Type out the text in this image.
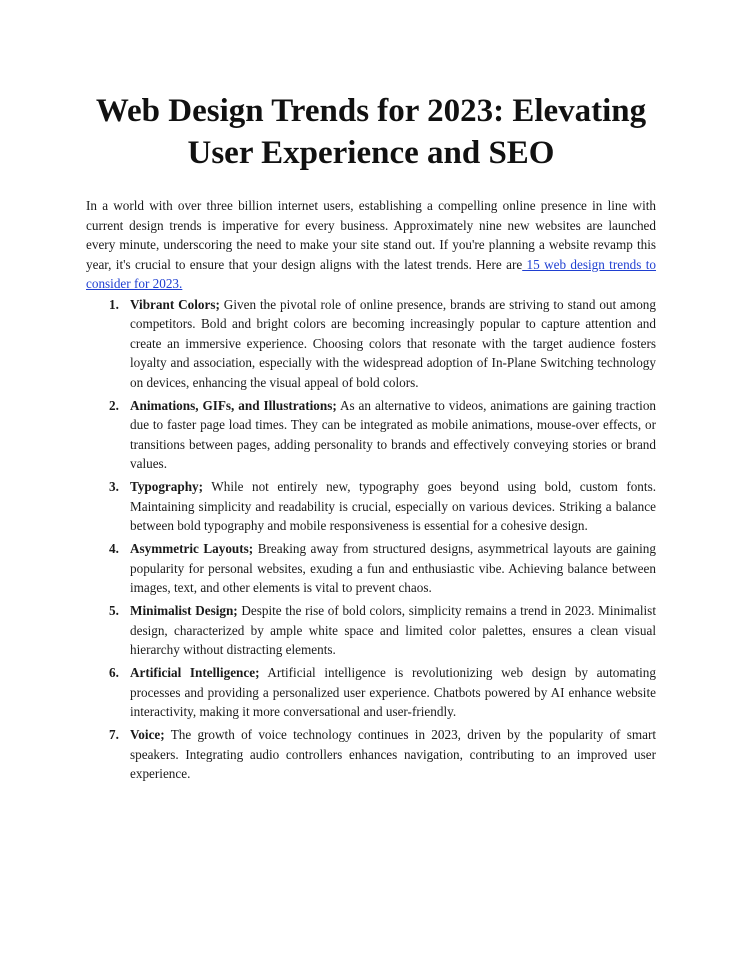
Web Design Trends for 2023: Elevating User Experience and SEO

In a world with over three billion internet users, establishing a compelling online presence in line with current design trends is imperative for every business. Approximately nine new websites are launched every minute, underscoring the need to make your site stand out. If you're planning a website revamp this year, it's crucial to ensure that your design aligns with the latest trends. Here are 15 web design trends to consider for 2023.

1. Vibrant Colors; Given the pivotal role of online presence, brands are striving to stand out among competitors. Bold and bright colors are becoming increasingly popular to capture attention and create an immersive experience. Choosing colors that resonate with the target audience fosters loyalty and association, especially with the widespread adoption of In-Plane Switching technology on devices, enhancing the visual appeal of bold colors.
2. Animations, GIFs, and Illustrations; As an alternative to videos, animations are gaining traction due to faster page load times. They can be integrated as mobile animations, mouse-over effects, or transitions between pages, adding personality to brands and effectively conveying stories or brand values.
3. Typography; While not entirely new, typography goes beyond using bold, custom fonts. Maintaining simplicity and readability is crucial, especially on various devices. Striking a balance between bold typography and mobile responsiveness is essential for a cohesive design.
4. Asymmetric Layouts; Breaking away from structured designs, asymmetrical layouts are gaining popularity for personal websites, exuding a fun and enthusiastic vibe. Achieving balance between images, text, and other elements is vital to prevent chaos.
5. Minimalist Design; Despite the rise of bold colors, simplicity remains a trend in 2023. Minimalist design, characterized by ample white space and limited color palettes, ensures a clean visual hierarchy without distracting elements.
6. Artificial Intelligence; Artificial intelligence is revolutionizing web design by automating processes and providing a personalized user experience. Chatbots powered by AI enhance website interactivity, making it more conversational and user-friendly.
7. Voice; The growth of voice technology continues in 2023, driven by the popularity of smart speakers. Integrating audio controllers enhances navigation, contributing to an improved user experience.
